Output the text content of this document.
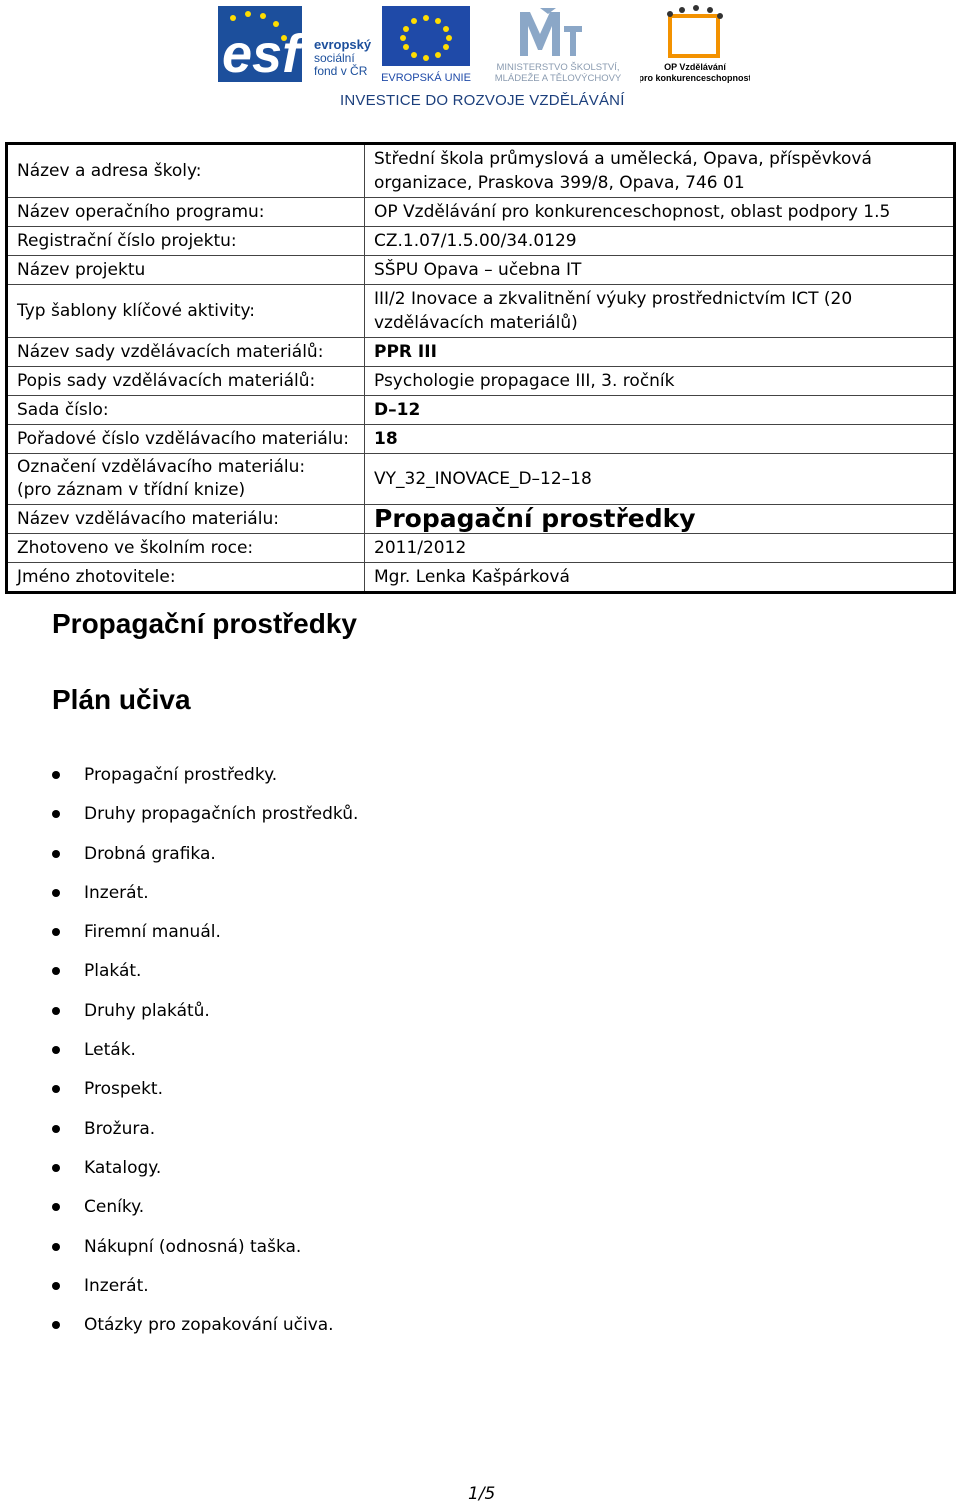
esf	evropský
sociální
fond v ČR	EVROPSKÁ UNIE
MINISTERSTVO ŠKOLSTVÍ,
MLÁDEŽE A TĚLOVÝCHOVY
OP Vzdělávání
pro konkurenceschopnost
INVESTICE DO ROZVOJE VZDĚLÁVÁNÍ
Název a adresa školy:	Střední škola průmyslová a umělecká, Opava, příspěvková organizace, Praskova 399/8, Opava, 746 01
Název operačního programu:	OP Vzdělávání pro konkurenceschopnost, oblast podpory 1.5
Registrační číslo projektu:	CZ.1.07/1.5.00/34.0129
Název projektu	SŠPU Opava – učebna IT
Typ šablony klíčové aktivity:	III/2 Inovace a zkvalitnění výuky prostřednictvím ICT (20 vzdělávacích materiálů)
Název sady vzdělávacích materiálů:	PPR III
Popis sady vzdělávacích materiálů:	Psychologie propagace III, 3. ročník
Sada číslo:	D–12
Pořadové číslo vzdělávacího materiálu:	18
Označení vzdělávacího materiálu:
(pro záznam v třídní knize)	VY_32_INOVACE_D–12–18
Název vzdělávacího materiálu:	Propagační prostředky
Zhotoveno ve školním roce:	2011/2012
Jméno zhotovitele:	Mgr. Lenka Kašpárková
Propagační prostředky
Plán učiva
Propagační prostředky.
Druhy propagačních prostředků.
Drobná grafika.
Inzerát.
Firemní manuál.
Plakát.
Druhy plakátů.
Leták.
Prospekt.
Brožura.
Katalogy.
Ceníky.
Nákupní (odnosná) taška.
Inzerát.
Otázky pro zopakování učiva.
1/5
